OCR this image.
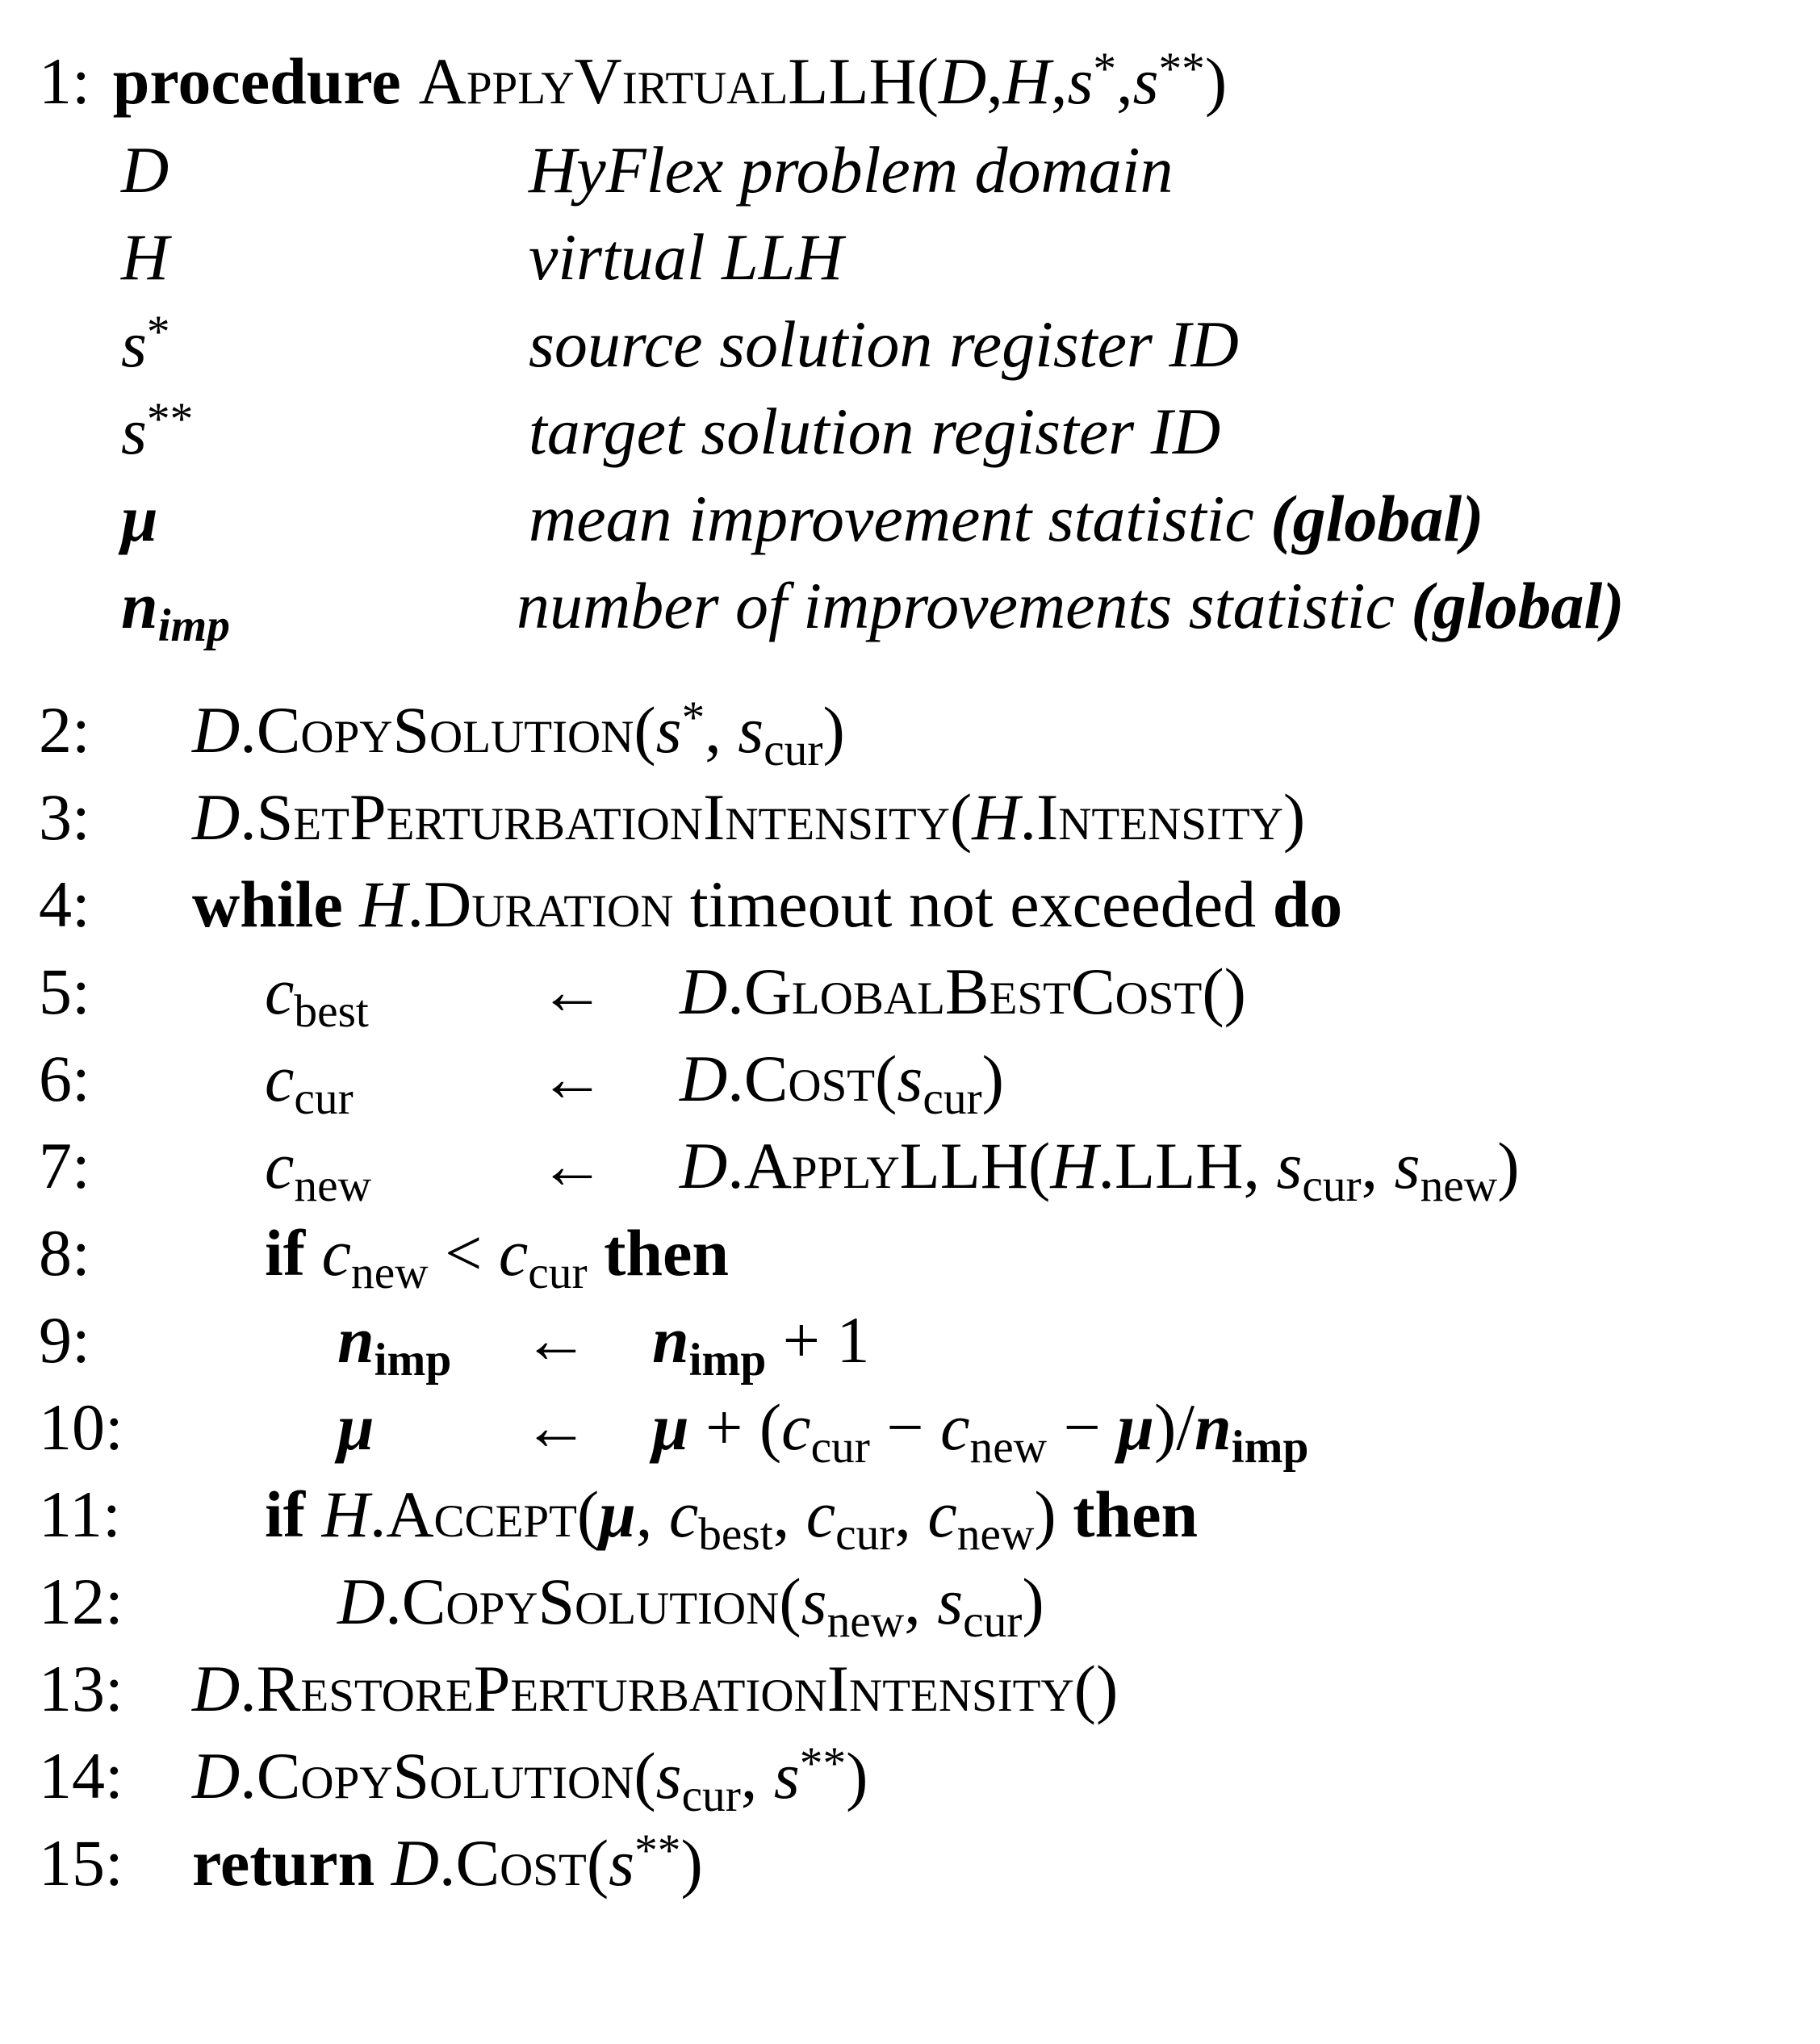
1: procedure ApplyVirtualLLH ( D , H , s * , s ** )
D	HyFlex problem domain
H	virtual LLH
s*	source solution register ID
s**	target solution register ID
μ	mean improvement statistic (global)
nimp	number of improvements statistic (global)
2: D.CopySolution(s*, scur)
3: D.SetPerturbationIntensity(H.Intensity)
4: while H.Duration timeout not exceeded do
5:	cbest	← D.GlobalBestCost()
6:	ccur	← D.Cost(scur)
7:	cnew	← D.ApplyLLH(H.LLH, scur, snew)
8:	if cnew < ccur then
9:	nimp ← nimp + 1
10:	μ ← μ + (ccur − cnew − μ)/nimp
11: if H.Accept(μ, cbest, ccur, cnew) then
12:	D.CopySolution(snew, scur)
13: D.RestorePerturbationIntensity()
14: D.CopySolution(scur, s**)
15: return D.Cost(s**)
